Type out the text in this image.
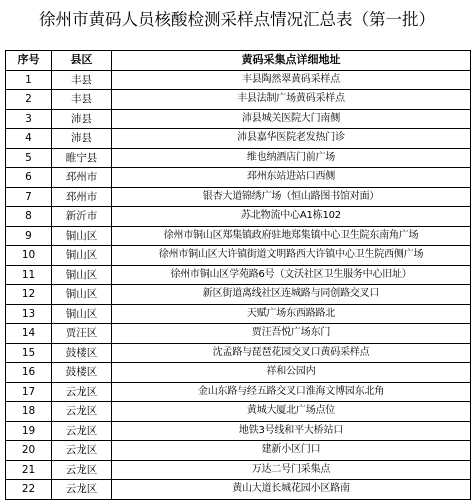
徐州市黄码人员核酸检测采样点情况汇总表（第一批）
序号	县区	黄码采集点详细地址
1	丰县	丰县陶然翠黄码采样点
2	丰县	丰县法制广场黄码采样点
3	沛县	沛县城关医院大门南侧
4	沛县	沛县嘉华医院老发热门诊
5	睢宁县	维也纳酒店门前广场
6	邳州市	邳州东站进站口西侧
7	邳州市	银杏大道锦绣广场（恒山路图书馆对面）
8	新沂市	苏北物流中心A1栋102
9	铜山区	徐州市铜山区郑集镇政府驻地郑集镇中心卫生院东南角广场
10	铜山区	徐州市铜山区大许镇街道文明路西大许镇中心卫生院西侧广场
11	铜山区	徐州市铜山区学苑路6号（文沃社区卫生服务中心旧址）
12	铜山区	新区街道离线社区连城路与同创路交叉口
13	铜山区	天赋广场东西路路北
14	贾汪区	贾汪吾悦广场东门
15	鼓楼区	沈孟路与琵琶花园交叉口黄码采样点
16	鼓楼区	祥和公园内
17	云龙区	金山东路与经五路交叉口淮海文博园东北角
18	云龙区	黄城大厦北广场点位
19	云龙区	地铁3号线和平大桥站口
20	云龙区	建新小区门口
21	云龙区	万达二号门采集点
22	云龙区	黄山大道长城花园小区路南
